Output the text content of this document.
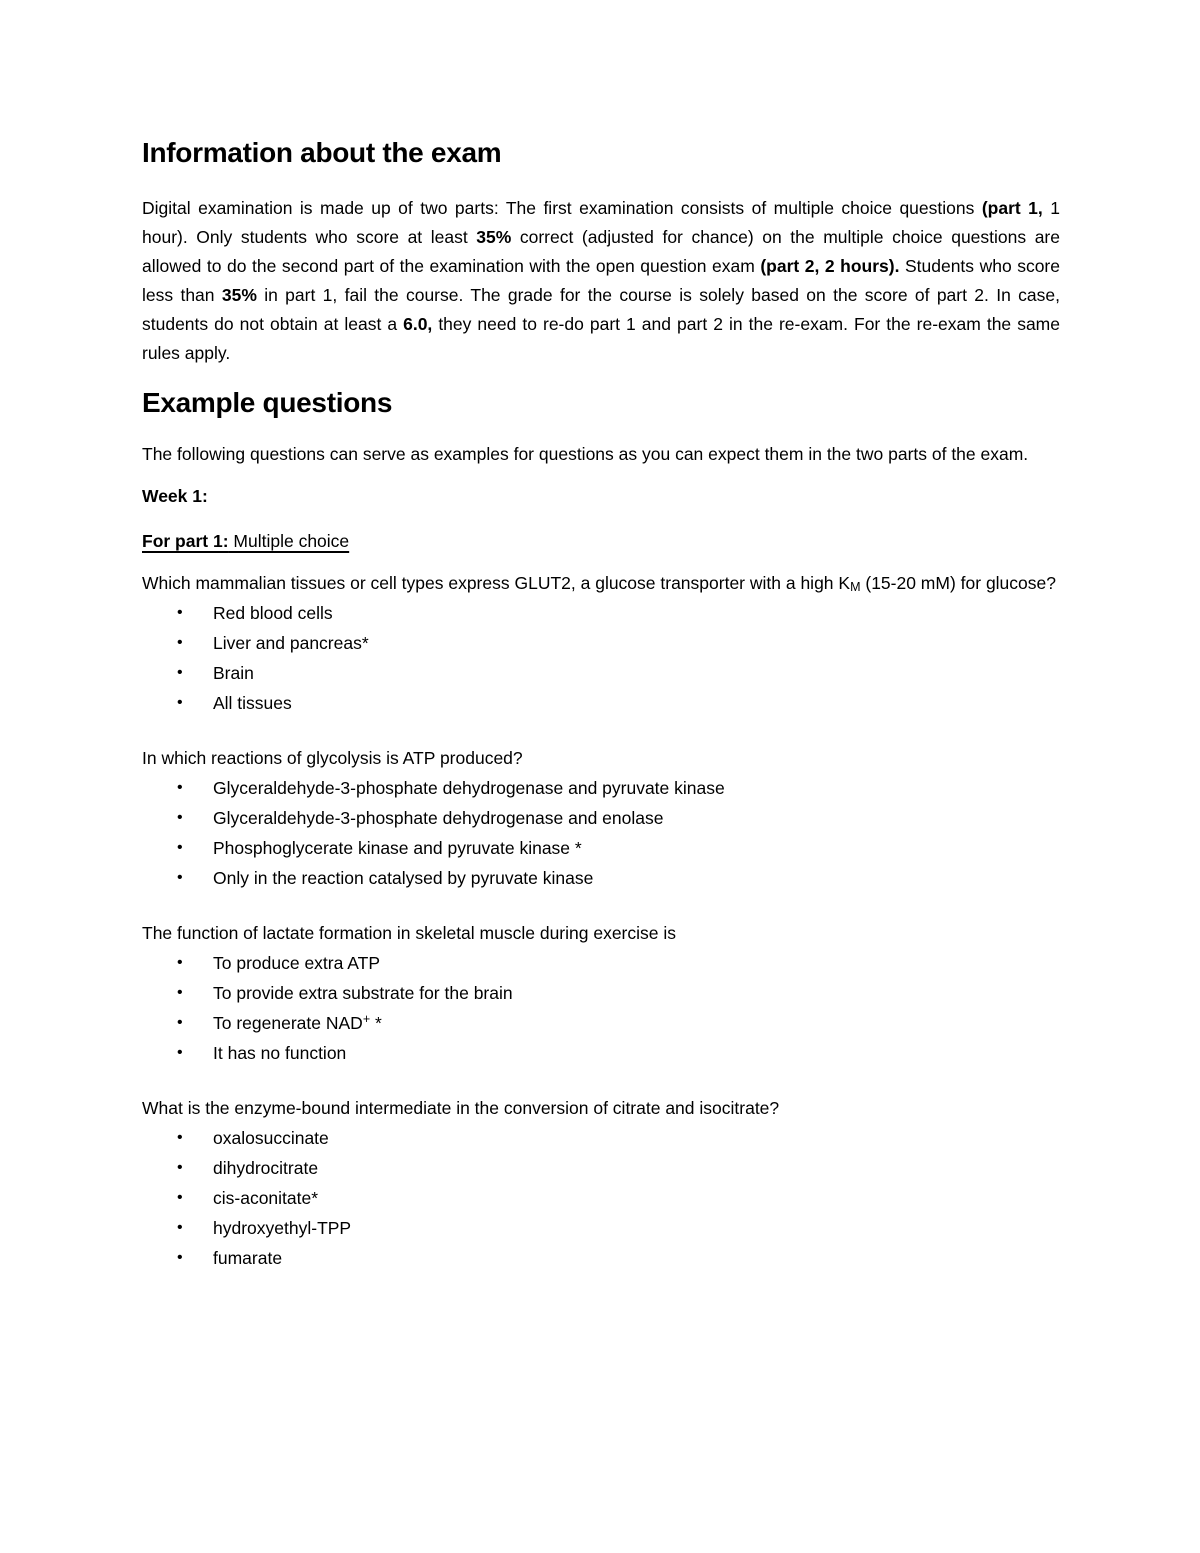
Information about the exam

Digital examination is made up of two parts: The first examination consists of multiple choice questions (part 1, 1 hour). Only students who score at least 35% correct (adjusted for chance) on the multiple choice questions are allowed to do the second part of the examination with the open question exam (part 2, 2 hours). Students who score less than 35% in part 1, fail the course. The grade for the course is solely based on the score of part 2. In case, students do not obtain at least a 6.0, they need to re-do part 1 and part 2 in the re-exam. For the re-exam the same rules apply.

Example questions

The following questions can serve as examples for questions as you can expect them in the two parts of the exam.

Week 1:

For part 1: Multiple choice

Which mammalian tissues or cell types express GLUT2, a glucose transporter with a high $K_M$ (15-20 mM) for glucose?

• Red blood cells
• Liver and pancreas*
• Brain
• All tissues

In which reactions of glycolysis is ATP produced?

• Glyceraldehyde-3-phosphate dehydrogenase and pyruvate kinase
• Glyceraldehyde-3-phosphate dehydrogenase and enolase
• Phosphoglycerate kinase and pyruvate kinase *
• Only in the reaction catalysed by pyruvate kinase

The function of lactate formation in skeletal muscle during exercise is

• To produce extra ATP
• To provide extra substrate for the brain
• To regenerate NAD+ *
• It has no function

What is the enzyme-bound intermediate in the conversion of citrate and isocitrate?

• oxalosuccinate
• dihydrocitrate
• cis-aconitate*
• hydroxyethyl-TPP
• fumarate
